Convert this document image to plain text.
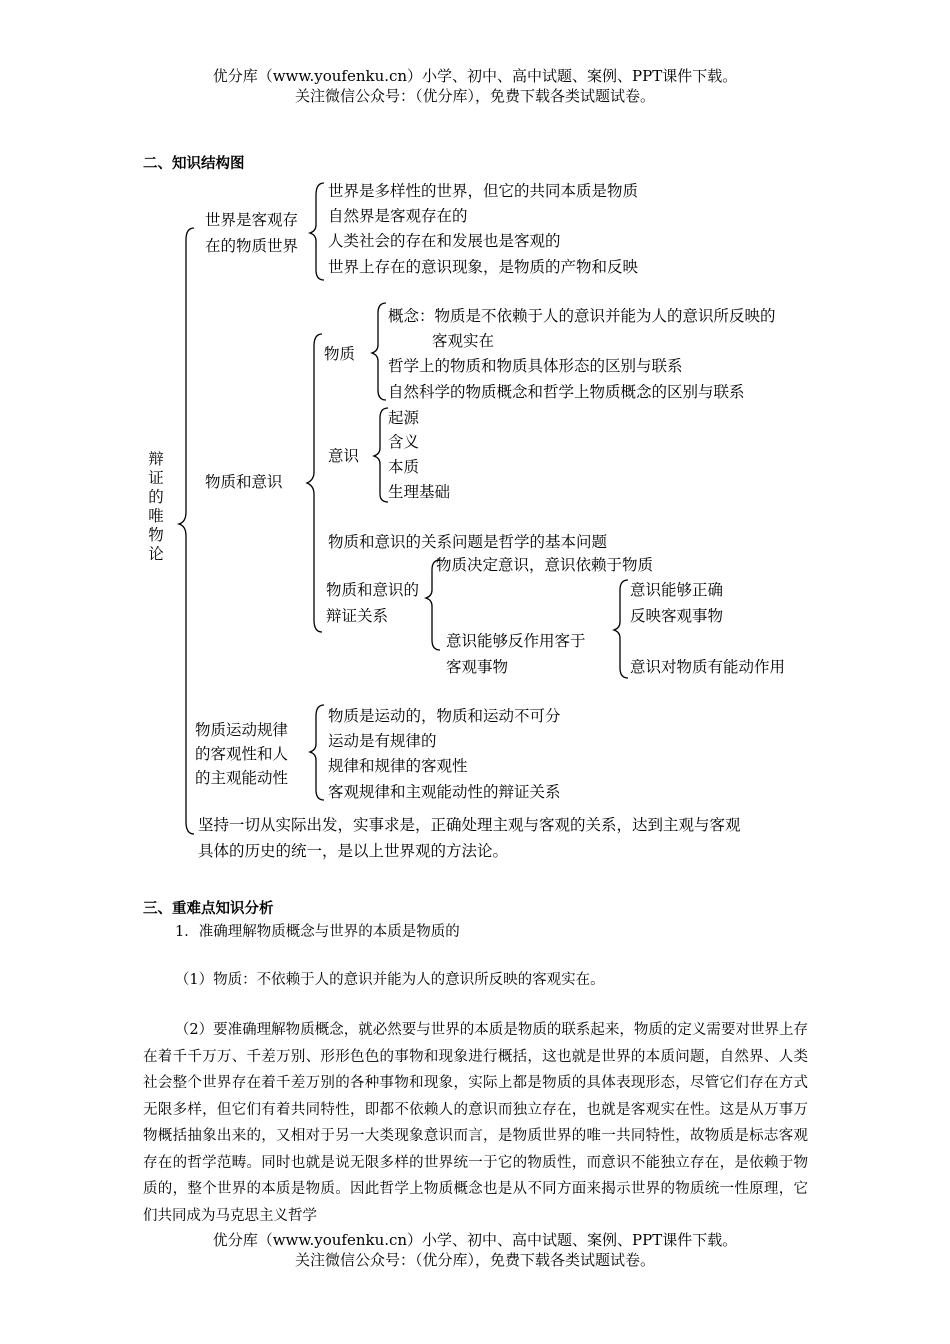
优分库（www.youfenku.cn）小学、初中、高中试题、案例、PPT课件下载。
关注微信公众号：（优分库），免费下载各类试题试卷。
二、知识结构图
辩证的唯物论
世界是客观存
在的物质世界
世界是多样性的世界，但它的共同本质是物质
自然界是客观存在的
人类社会的存在和发展也是客观的
世界上存在的意识现象，是物质的产物和反映
物质和意识
物质
概念：物质是不依赖于人的意识并能为人的意识所反映的
客观实在
哲学上的物质和物质具体形态的区别与联系
自然科学的物质概念和哲学上物质概念的区别与联系
意识
起源
含义
本质
生理基础
物质和意识的关系问题是哲学的基本问题
物质和意识的
辩证关系
物质决定意识，意识依赖于物质
意识能够反作用客于
客观事物
意识能够正确
反映客观事物
意识对物质有能动作用
物质运动规律
的客观性和人
的主观能动性
物质是运动的，物质和运动不可分
运动是有规律的
规律和规律的客观性
客观规律和主观能动性的辩证关系
坚持一切从实际出发，实事求是，正确处理主观与客观的关系，达到主观与客观
具体的历史的统一，是以上世界观的方法论。
三、重难点知识分析
1．准确理解物质概念与世界的本质是物质的
（1）物质：不依赖于人的意识并能为人的意识所反映的客观实在。
（2）要准确理解物质概念，就必然要与世界的本质是物质的联系起来，物质的定义需要对世界上存在着千千万万、千差万别、形形色色的事物和现象进行概括，这也就是世界的本质问题，自然界、人类社会整个世界存在着千差万别的各种事物和现象，实际上都是物质的具体表现形态，尽管它们存在方式无限多样，但它们有着共同特性，即都不依赖人的意识而独立存在，也就是客观实在性。这是从万事万物概括抽象出来的，又相对于另一大类现象意识而言，是物质世界的唯一共同特性，故物质是标志客观存在的哲学范畴。同时也就是说无限多样的世界统一于它的物质性，而意识不能独立存在，是依赖于物质的，整个世界的本质是物质。因此哲学上物质概念也是从不同方面来揭示世界的物质统一性原理，它们共同成为马克思主义哲学
优分库（www.youfenku.cn）小学、初中、高中试题、案例、PPT课件下载。
关注微信公众号：（优分库），免费下载各类试题试卷。
